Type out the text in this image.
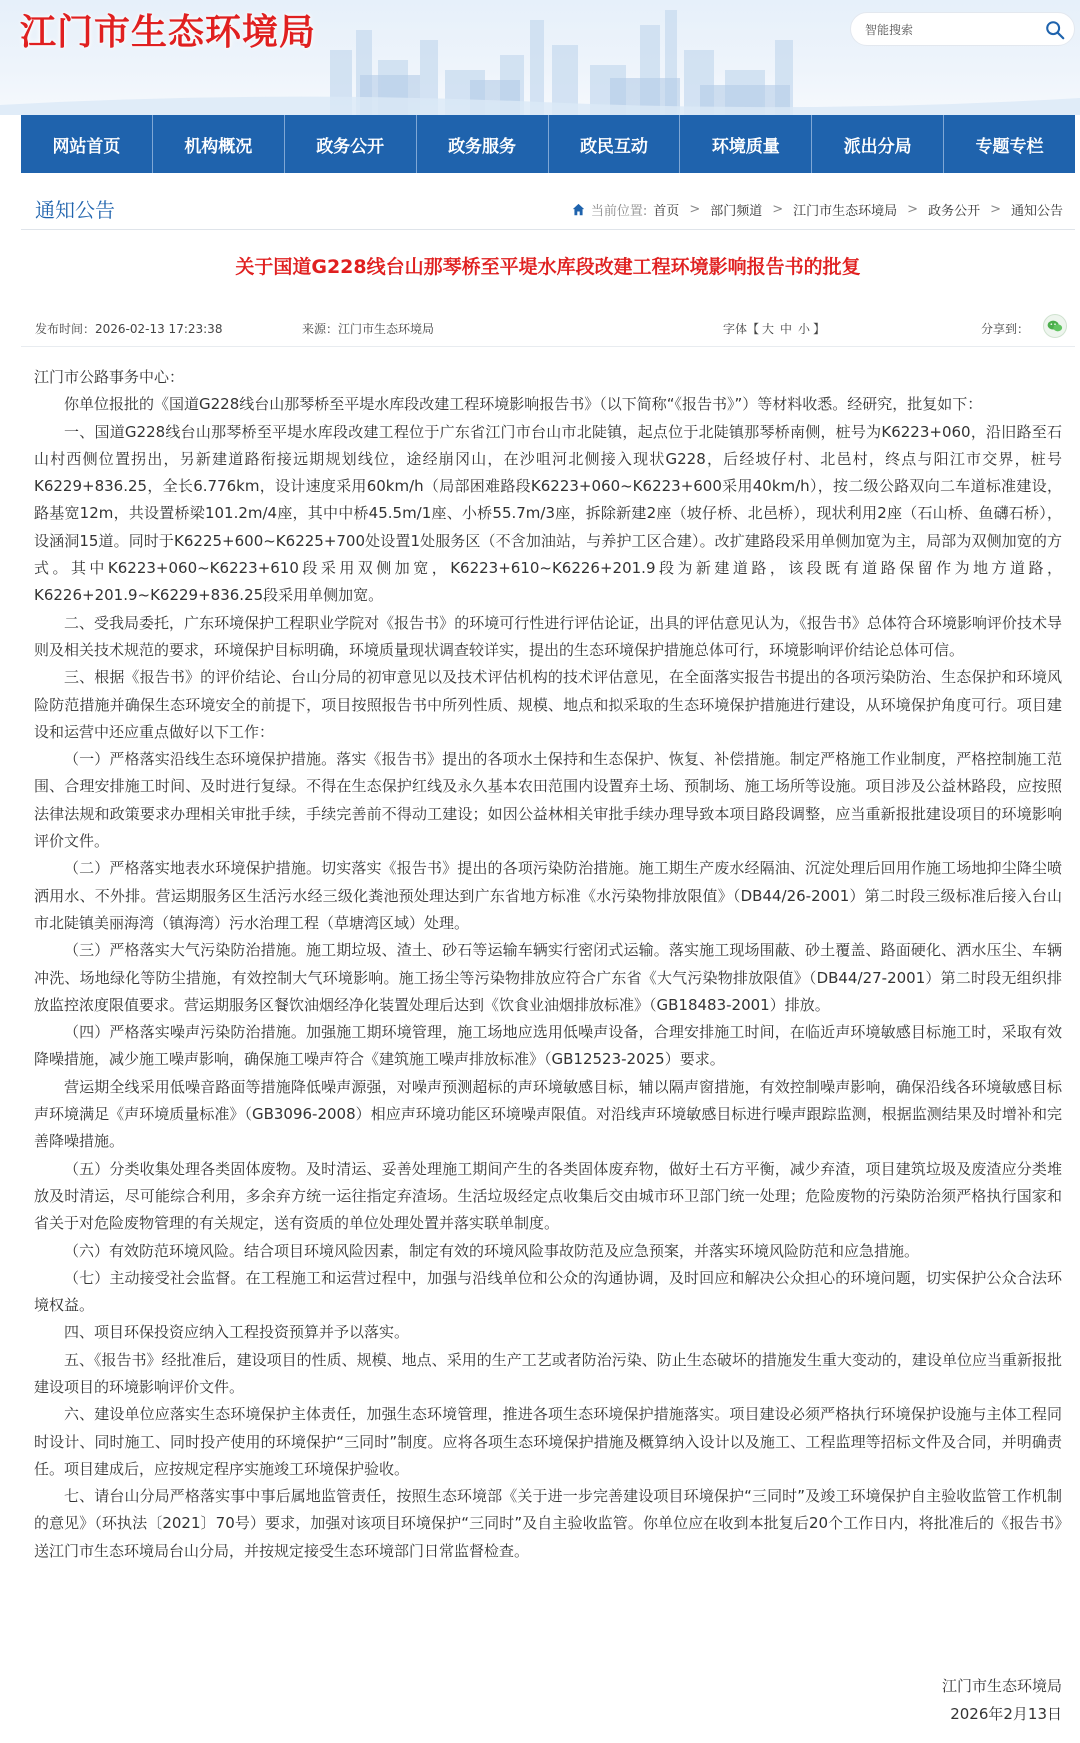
江门市生态环境局
智能搜索
网站首页	机构概况	政务公开	政务服务	政民互动	环境质量	派出分局	专题专栏
通知公告	当前位置: 首页 > 部门频道 > 江门市生态环境局 > 政务公开 > 通知公告
关于国道G228线台山那琴桥至平堤水库段改建工程环境影响报告书的批复
发布时间：2026-02-13 17:23:38	来源：江门市生态环境局	字体【 大 中 小 】	分享到：

江门市公路事务中心：

你单位报批的《国道G228线台山那琴桥至平堤水库段改建工程环境影响报告书》（以下简称“《报告书》”）等材料收悉。经研究，批复如下：

一、国道G228线台山那琴桥至平堤水库段改建工程位于广东省江门市台山市北陡镇，起点位于北陡镇那琴桥南侧，桩号为K6223+060，沿旧路至石山村西侧位置拐出，另新建道路衔接远期规划线位，途经崩冈山，在沙咀河北侧接入现状G228，后经坡仔村、北邑村，终点与阳江市交界，桩号K6229+836.25，全长6.776km，设计速度采用60km/h（局部困难路段K6223+060~K6223+600采用40km/h），按二级公路双向二车道标准建设，路基宽12m，共设置桥梁101.2m/4座，其中中桥45.5m/1座、小桥55.7m/3座，拆除新建2座（坡仔桥、北邑桥），现状利用2座（石山桥、鱼礴石桥），设涵洞15道。同时于K6225+600~K6225+700处设置1处服务区（不含加油站，与养护工区合建）。改扩建路段采用单侧加宽为主，局部为双侧加宽的方式。其中K6223+060~K6223+610段采用双侧加宽，K6223+610~K6226+201.9段为新建道路，该段既有道路保留作为地方道路，K6226+201.9~K6229+836.25段采用单侧加宽。

二、受我局委托，广东环境保护工程职业学院对《报告书》的环境可行性进行评估论证，出具的评估意见认为，《报告书》总体符合环境影响评价技术导则及相关技术规范的要求，环境保护目标明确，环境质量现状调查较详实，提出的生态环境保护措施总体可行，环境影响评价结论总体可信。

三、根据《报告书》的评价结论、台山分局的初审意见以及技术评估机构的技术评估意见，在全面落实报告书提出的各项污染防治、生态保护和环境风险防范措施并确保生态环境安全的前提下，项目按照报告书中所列性质、规模、地点和拟采取的生态环境保护措施进行建设，从环境保护角度可行。项目建设和运营中还应重点做好以下工作：

（一）严格落实沿线生态环境保护措施。落实《报告书》提出的各项水土保持和生态保护、恢复、补偿措施。制定严格施工作业制度，严格控制施工范围、合理安排施工时间、及时进行复绿。不得在生态保护红线及永久基本农田范围内设置弃土场、预制场、施工场所等设施。项目涉及公益林路段，应按照法律法规和政策要求办理相关审批手续，手续完善前不得动工建设；如因公益林相关审批手续办理导致本项目路段调整，应当重新报批建设项目的环境影响评价文件。

（二）严格落实地表水环境保护措施。切实落实《报告书》提出的各项污染防治措施。施工期生产废水经隔油、沉淀处理后回用作施工场地抑尘降尘喷洒用水、不外排。营运期服务区生活污水经三级化粪池预处理达到广东省地方标准《水污染物排放限值》（DB44/26-2001）第二时段三级标准后接入台山市北陡镇美丽海湾（镇海湾）污水治理工程（草塘湾区域）处理。

（三）严格落实大气污染防治措施。施工期垃圾、渣土、砂石等运输车辆实行密闭式运输。落实施工现场围蔽、砂土覆盖、路面硬化、洒水压尘、车辆冲洗、场地绿化等防尘措施，有效控制大气环境影响。施工扬尘等污染物排放应符合广东省《大气污染物排放限值》（DB44/27-2001）第二时段无组织排放监控浓度限值要求。营运期服务区餐饮油烟经净化装置处理后达到《饮食业油烟排放标准》（GB18483-2001）排放。

（四）严格落实噪声污染防治措施。加强施工期环境管理，施工场地应选用低噪声设备，合理安排施工时间，在临近声环境敏感目标施工时，采取有效降噪措施，减少施工噪声影响，确保施工噪声符合《建筑施工噪声排放标准》（GB12523-2025）要求。

营运期全线采用低噪音路面等措施降低噪声源强，对噪声预测超标的声环境敏感目标，辅以隔声窗措施，有效控制噪声影响，确保沿线各环境敏感目标声环境满足《声环境质量标准》（GB3096-2008）相应声环境功能区环境噪声限值。对沿线声环境敏感目标进行噪声跟踪监测，根据监测结果及时增补和完善降噪措施。

（五）分类收集处理各类固体废物。及时清运、妥善处理施工期间产生的各类固体废弃物，做好土石方平衡，减少弃渣，项目建筑垃圾及废渣应分类堆放及时清运，尽可能综合利用，多余弃方统一运往指定弃渣场。生活垃圾经定点收集后交由城市环卫部门统一处理；危险废物的污染防治须严格执行国家和省关于对危险废物管理的有关规定，送有资质的单位处理处置并落实联单制度。

（六）有效防范环境风险。结合项目环境风险因素，制定有效的环境风险事故防范及应急预案，并落实环境风险防范和应急措施。

（七）主动接受社会监督。在工程施工和运营过程中，加强与沿线单位和公众的沟通协调，及时回应和解决公众担心的环境问题，切实保护公众合法环境权益。

四、项目环保投资应纳入工程投资预算并予以落实。

五、《报告书》经批准后，建设项目的性质、规模、地点、采用的生产工艺或者防治污染、防止生态破坏的措施发生重大变动的，建设单位应当重新报批建设项目的环境影响评价文件。

六、建设单位应落实生态环境保护主体责任，加强生态环境管理，推进各项生态环境保护措施落实。项目建设必须严格执行环境保护设施与主体工程同时设计、同时施工、同时投产使用的环境保护“三同时”制度。应将各项生态环境保护措施及概算纳入设计以及施工、工程监理等招标文件及合同，并明确责任。项目建成后，应按规定程序实施竣工环境保护验收。

七、请台山分局严格落实事中事后属地监管责任，按照生态环境部《关于进一步完善建设项目环境保护“三同时”及竣工环境保护自主验收监管工作机制的意见》（环执法〔2021〕70号）要求，加强对该项目环境保护“三同时”及自主验收监管。你单位应在收到本批复后20个工作日内，将批准后的《报告书》送江门市生态环境局台山分局，并按规定接受生态环境部门日常监督检查。

江门市生态环境局
2026年2月13日
